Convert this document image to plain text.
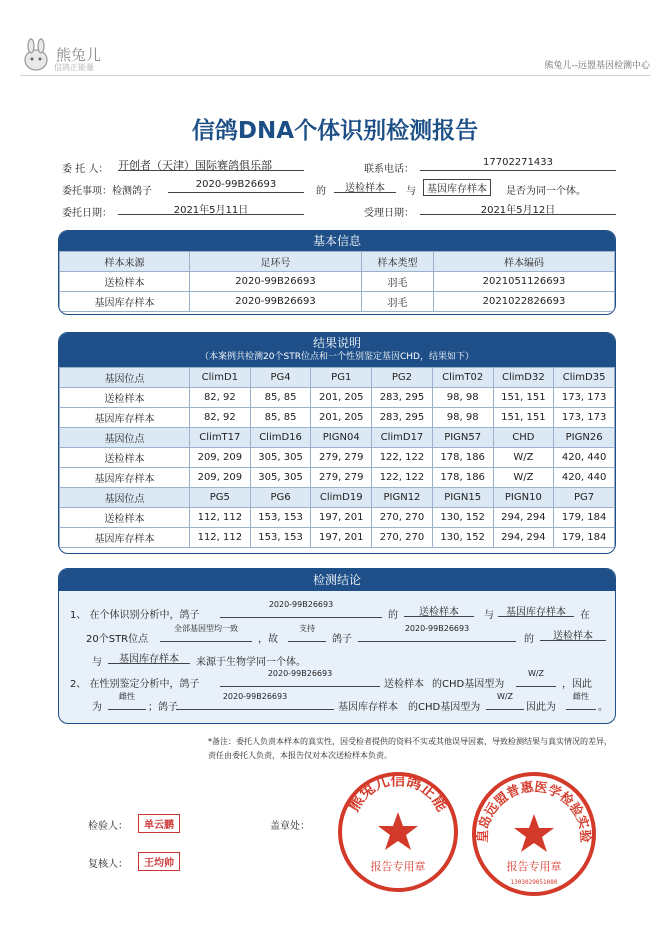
熊兔儿
信鸽正能量	熊兔儿--远盟基因检测中心
信鸽DNA个体识别检测报告
委 托 人： 开创者（天津）国际赛鸽俱乐部	联系电话：
17702271433
委托事项：检测鸽子
2020-99B26693
的	送检样本	与	基因库存样本	是否为同一个体。
委托日期：	2021年5月11日	受理日期：	2021年5月12日
基本信息
样本来源	足环号	样本类型	样本编码
送检样本	2020-99B26693	羽毛	2021051126693
基因库存样本	2020-99B26693	羽毛	2021022826693
结果说明
（本案例共检测20个STR位点和一个性别鉴定基因CHD，结果如下）
基因位点	ClimD1	PG4	PG1	PG2	ClimT02	ClimD32	ClimD35
送检样本	82, 92	85, 85	201, 205	283, 295	98, 98	151, 151	173, 173
基因库存样本	82, 92	85, 85	201, 205	283, 295	98, 98	151, 151	173, 173
基因位点	ClimT17	ClimD16	PIGN04	ClimD17	PIGN57	CHD	PIGN26
送检样本	209, 209	305, 305	279, 279	122, 122	178, 186	W/Z	420, 440
基因库存样本	209, 209	305, 305	279, 279	122, 122	178, 186	W/Z	420, 440
基因位点	PG5	PG6	ClimD19	PIGN12	PIGN15	PIGN10	PG7
送检样本	112, 112	153, 153	197, 201	270, 270	130, 152	294, 294	179, 184
基因库存样本	112, 112	153, 153	197, 201	270, 270	130, 152	294, 294	179, 184
检测结论
1、 在个体识别分析中，鸽子
2020-99B26693
的	送检样本	与	基因库存样本	在
20个STR位点
全部基因型均一致
，故
支持
鸽子
2020-99B26693
的	送检样本
与	基因库存样本	来源于生物学同一个体。
2、 在性别鉴定分析中，鸽子
2020-99B26693
送检样本 的CHD基因型为
W/Z
，因此
为
雌性
；鸽子
2020-99B26693
基因库存样本 的CHD基因型为
W/Z
因此为
雌性
。
*备注：委托人负责本样本的真实性，因受检者提供的资料不实或其他误导因素，导致检测结果与真实情况的差异，责任由委托人负责，本报告仅对本次送检样本负责。
检验人：	单云鹏
复核人：	王均帅
盖章处：
熊兔儿信鸽正能
报告专用章
皇岛远盟普惠医学检验实验
报告专用章
1303029051080
